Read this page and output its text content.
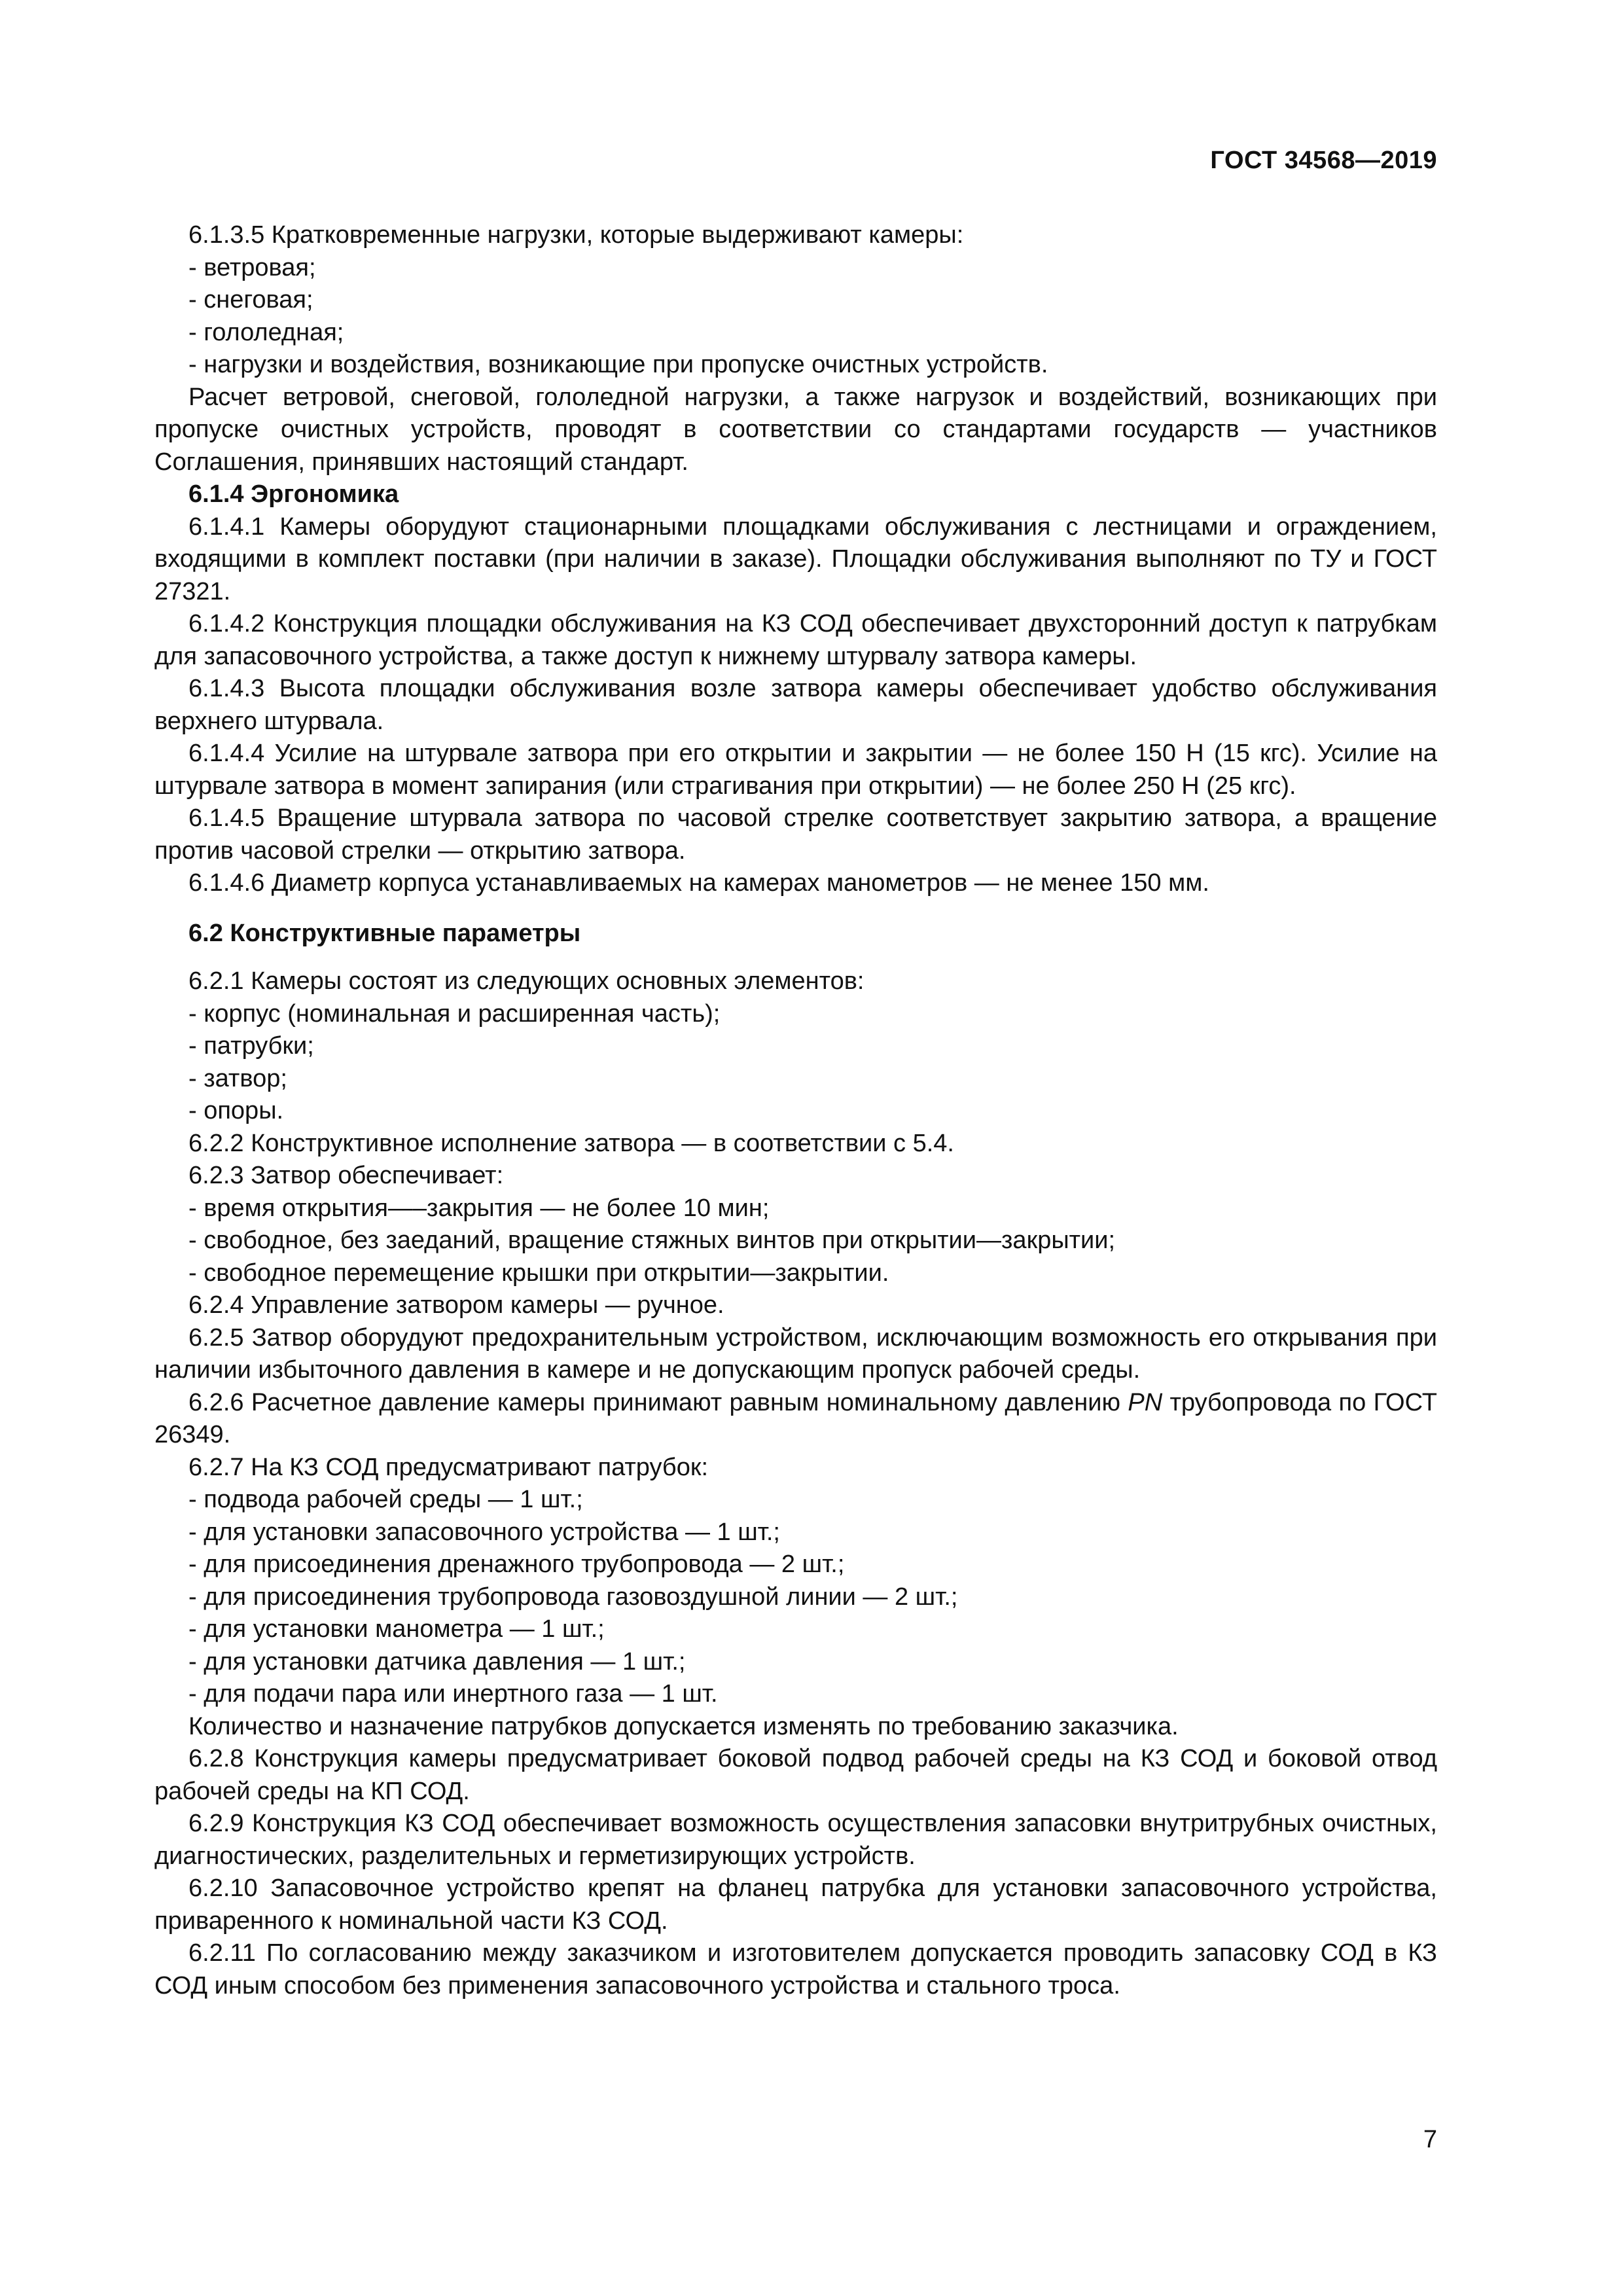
ГОСТ 34568—2019

6.1.3.5 Кратковременные нагрузки, которые выдерживают камеры:

- ветровая;

- снеговая;

- гололедная;

- нагрузки и воздействия, возникающие при пропуске очистных устройств.

Расчет ветровой, снеговой, гололедной нагрузки, а также нагрузок и воздействий, возникающих при пропуске очистных устройств, проводят в соответствии со стандартами государств — участников Соглашения, принявших настоящий стандарт.

6.1.4 Эргономика

6.1.4.1 Камеры оборудуют стационарными площадками обслуживания с лестницами и ограждением, входящими в комплект поставки (при наличии в заказе). Площадки обслуживания выполняют по ТУ и ГОСТ 27321.

6.1.4.2 Конструкция площадки обслуживания на КЗ СОД обеспечивает двухсторонний доступ к патрубкам для запасовочного устройства, а также доступ к нижнему штурвалу затвора камеры.

6.1.4.3 Высота площадки обслуживания возле затвора камеры обеспечивает удобство обслуживания верхнего штурвала.

6.1.4.4 Усилие на штурвале затвора при его открытии и закрытии — не более 150 Н (15 кгс). Усилие на штурвале затвора в момент запирания (или страгивания при открытии) — не более 250 Н (25 кгс).

6.1.4.5 Вращение штурвала затвора по часовой стрелке соответствует закрытию затвора, а вращение против часовой стрелки — открытию затвора.

6.1.4.6 Диаметр корпуса устанавливаемых на камерах манометров — не менее 150 мм.

6.2 Конструктивные параметры

6.2.1 Камеры состоят из следующих основных элементов:

- корпус (номинальная и расширенная часть);

- патрубки;

- затвор;

- опоры.

6.2.2 Конструктивное исполнение затвора — в соответствии с 5.4.

6.2.3 Затвор обеспечивает:

- время открытия—–закрытия — не более 10 мин;

- свободное, без заеданий, вращение стяжных винтов при открытии—закрытии;

- свободное перемещение крышки при открытии—закрытии.

6.2.4 Управление затвором камеры — ручное.

6.2.5 Затвор оборудуют предохранительным устройством, исключающим возможность его открывания при наличии избыточного давления в камере и не допускающим пропуск рабочей среды.

6.2.6 Расчетное давление камеры принимают равным номинальному давлению PN трубопровода по ГОСТ 26349.

6.2.7 На КЗ СОД предусматривают патрубок:

- подвода рабочей среды — 1 шт.;

- для установки запасовочного устройства — 1 шт.;

- для присоединения дренажного трубопровода — 2 шт.;

- для присоединения трубопровода газовоздушной линии — 2 шт.;

- для установки манометра — 1 шт.;

- для установки датчика давления — 1 шт.;

- для подачи пара или инертного газа — 1 шт.

Количество и назначение патрубков допускается изменять по требованию заказчика.

6.2.8 Конструкция камеры предусматривает боковой подвод рабочей среды на КЗ СОД и боковой отвод рабочей среды на КП СОД.

6.2.9 Конструкция КЗ СОД обеспечивает возможность осуществления запасовки внутритрубных очистных, диагностических, разделительных и герметизирующих устройств.

6.2.10 Запасовочное устройство крепят на фланец патрубка для установки запасовочного устройства, приваренного к номинальной части КЗ СОД.

6.2.11 По согласованию между заказчиком и изготовителем допускается проводить запасовку СОД в КЗ СОД иным способом без применения запасовочного устройства и стального троса.

7
